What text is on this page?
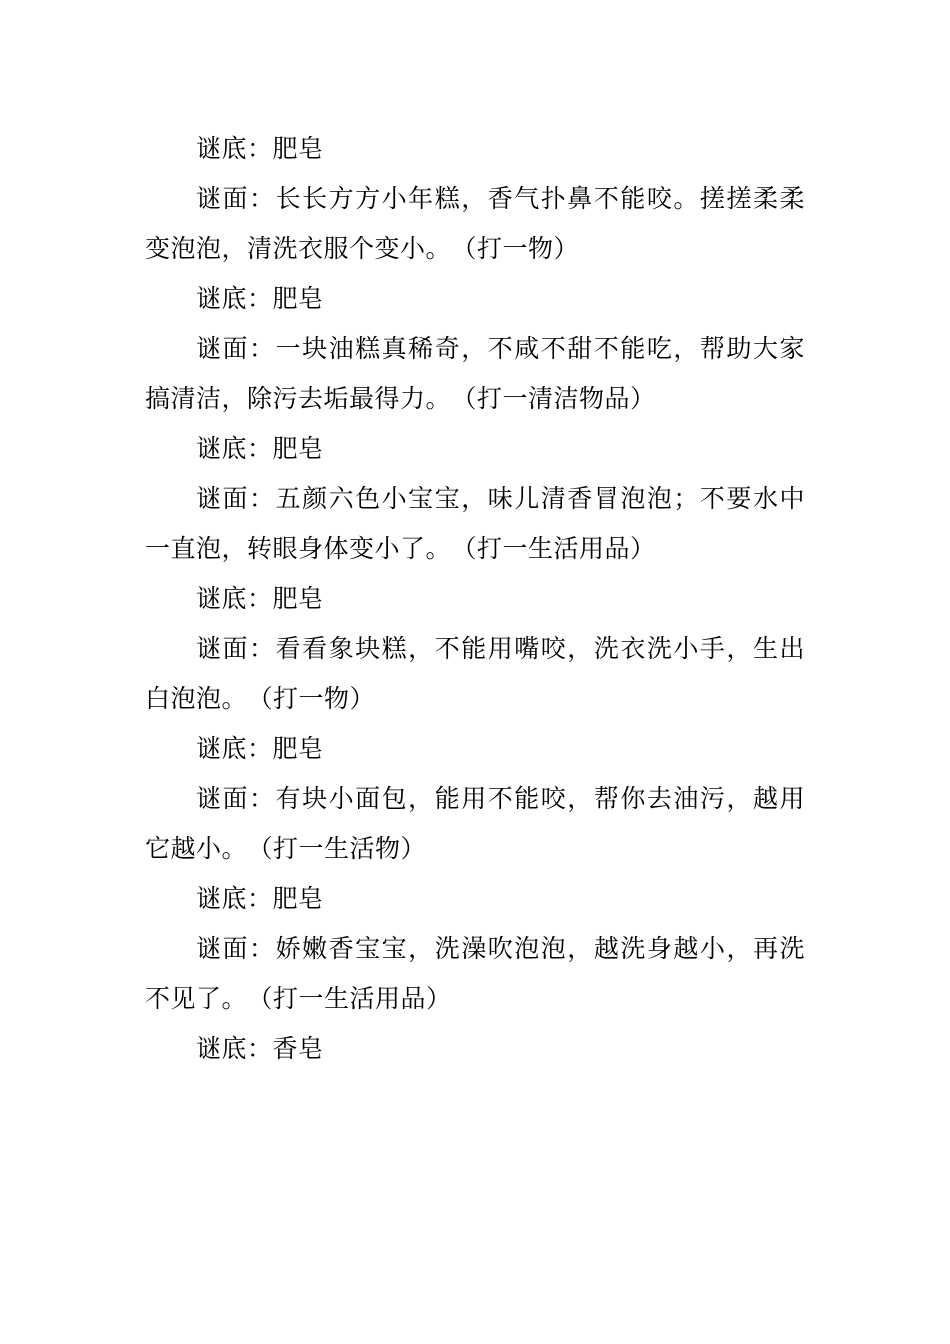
谜底：肥皂

谜面：长长方方小年糕，香气扑鼻不能咬。搓搓柔柔变泡泡，清洗衣服个变小。　（打一物）

谜底：肥皂

谜面：一块油糕真稀奇，不咸不甜不能吃，帮助大家搞清洁，除污去垢最得力。　（打一清洁物品）

谜底：肥皂

谜面：五颜六色小宝宝，味儿清香冒泡泡；不要水中一直泡，转眼身体变小了。　（打一生活用品）

谜底：肥皂

谜面：看看象块糕，不能用嘴咬，洗衣洗小手，生出白泡泡。　（打一物）

谜底：肥皂

谜面：有块小面包，能用不能咬，帮你去油污，越用它越小。　（打一生活物）

谜底：肥皂

谜面：娇嫩香宝宝，洗澡吹泡泡，越洗身越小，再洗不见了。　（打一生活用品）

谜底：香皂
